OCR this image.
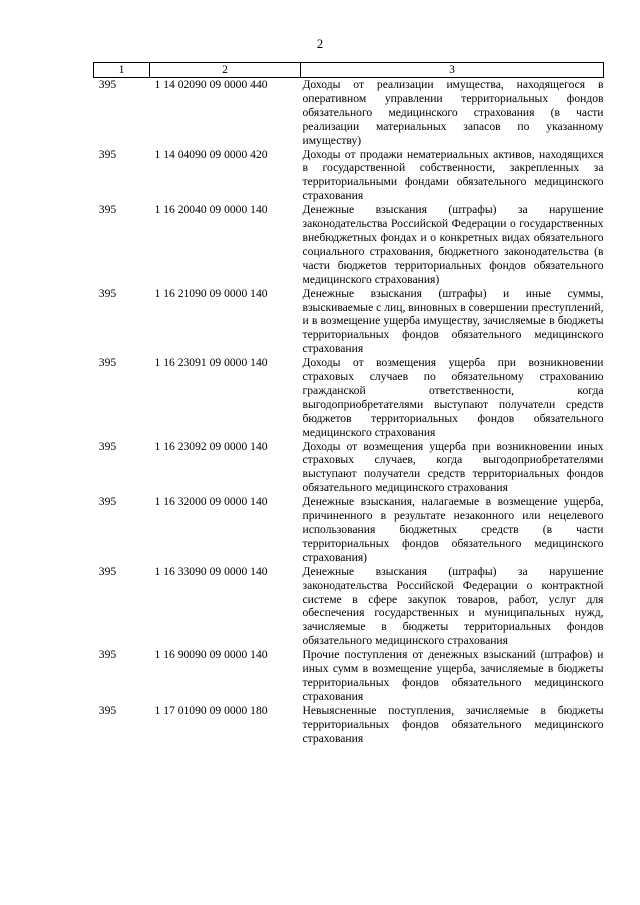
2
1	2	3
395	1 14 02090 09 0000 440	Доходы от реализации имущества, находящегося в оперативном управлении территориальных фондов обязательного медицинского страхования (в части реализации материальных запасов по указанному имуществу)
395	1 14 04090 09 0000 420	Доходы от продажи нематериальных активов, находящихся в государственной собственности, закрепленных за территориальными фондами обязательного медицинского страхования
395	1 16 20040 09 0000 140	Денежные взыскания (штрафы) за нарушение законодательства Российской Федерации о государственных внебюджетных фондах и о конкретных видах обязательного социального страхования, бюджетного законодательства (в части бюджетов территориальных фондов обязательного медицинского страхования)
395	1 16 21090 09 0000 140	Денежные взыскания (штрафы) и иные суммы, взыскиваемые с лиц, виновных в совершении преступлений, и в возмещение ущерба имуществу, зачисляемые в бюджеты территориальных фондов обязательного медицинского страхования
395	1 16 23091 09 0000 140	Доходы от возмещения ущерба при возникновении страховых случаев по обязательному страхованию гражданской ответственности, когда выгодоприобретателями выступают получатели средств бюджетов территориальных фондов обязательного медицинского страхования
395	1 16 23092 09 0000 140	Доходы от возмещения ущерба при возникновении иных страховых случаев, когда выгодоприобретателями выступают получатели средств территориальных фондов обязательного медицинского страхования
395	1 16 32000 09 0000 140	Денежные взыскания, налагаемые в возмещение ущерба, причиненного в результате незаконного или нецелевого использования бюджетных средств (в части территориальных фондов обязательного медицинского страхования)
395	1 16 33090 09 0000 140	Денежные взыскания (штрафы) за нарушение законодательства Российской Федерации о контрактной системе в сфере закупок товаров, работ, услуг для обеспечения государственных и муниципальных нужд, зачисляемые в бюджеты территориальных фондов обязательного медицинского страхования
395	1 16 90090 09 0000 140	Прочие поступления от денежных взысканий (штрафов) и иных сумм в возмещение ущерба, зачисляемые в бюджеты территориальных фондов обязательного медицинского страхования
395	1 17 01090 09 0000 180	Невыясненные поступления, зачисляемые в бюджеты территориальных фондов обязательного медицинского страхования
